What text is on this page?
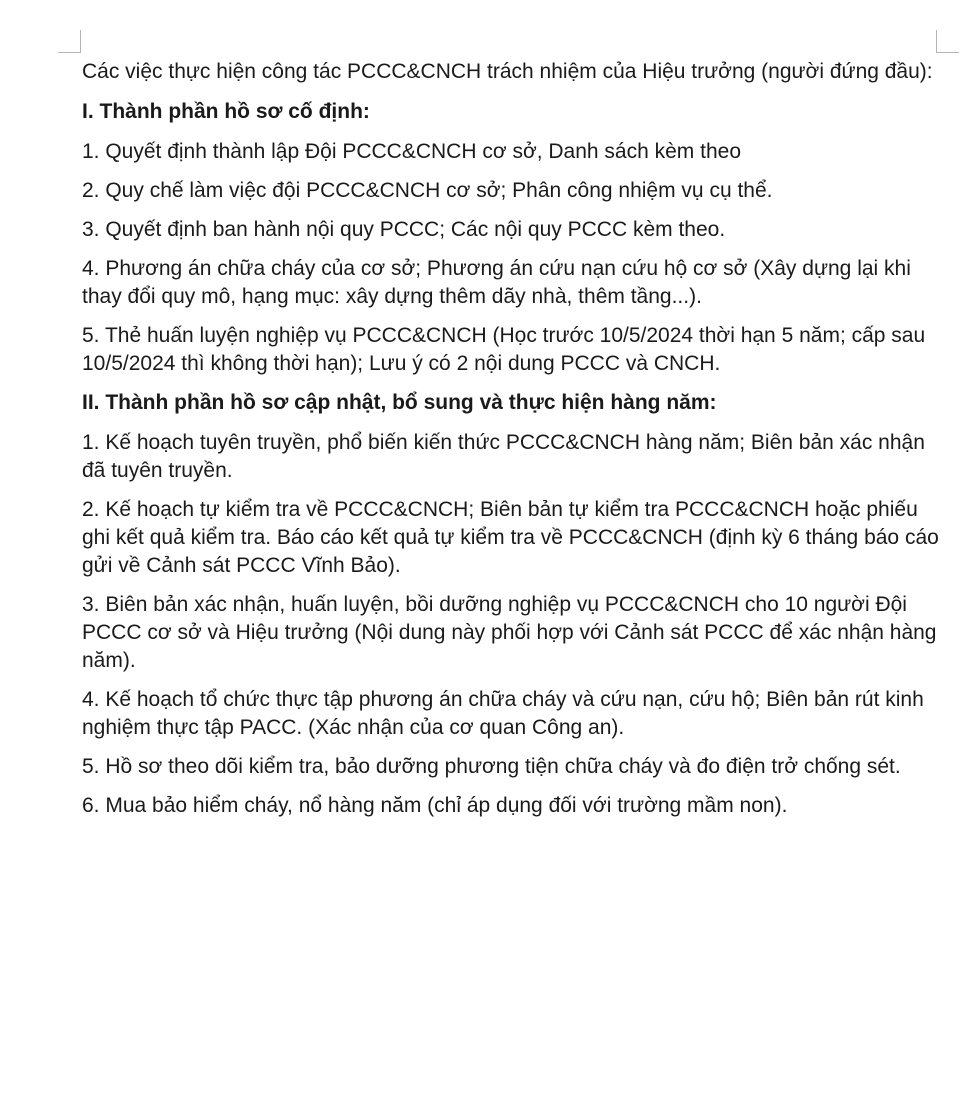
Các việc thực hiện công tác PCCC&CNCH trách nhiệm của Hiệu trưởng (người đứng đầu):

I. Thành phần hồ sơ cố định:

1. Quyết định thành lập Đội PCCC&CNCH cơ sở, Danh sách kèm theo

2. Quy chế làm việc đội PCCC&CNCH cơ sở; Phân công nhiệm vụ cụ thể.

3. Quyết định ban hành nội quy PCCC; Các nội quy PCCC kèm theo.

4. Phương án chữa cháy của cơ sở; Phương án cứu nạn cứu hộ cơ sở (Xây dựng lại khi thay đổi quy mô, hạng mục: xây dựng thêm dãy nhà, thêm tầng...).

5. Thẻ huấn luyện nghiệp vụ PCCC&CNCH (Học trước 10/5/2024 thời hạn 5 năm; cấp sau 10/5/2024 thì không thời hạn); Lưu ý có 2 nội dung PCCC và CNCH.

II. Thành phần hồ sơ cập nhật, bổ sung và thực hiện hàng năm:

1. Kế hoạch tuyên truyền, phổ biến kiến thức PCCC&CNCH hàng năm; Biên bản xác nhận đã tuyên truyền.

2. Kế hoạch tự kiểm tra về PCCC&CNCH; Biên bản tự kiểm tra PCCC&CNCH hoặc phiếu ghi kết quả kiểm tra. Báo cáo kết quả tự kiểm tra về PCCC&CNCH (định kỳ 6 tháng báo cáo gửi về Cảnh sát PCCC Vĩnh Bảo).

3. Biên bản xác nhận, huấn luyện, bồi dưỡng nghiệp vụ PCCC&CNCH cho 10 người Đội PCCC cơ sở và Hiệu trưởng (Nội dung này phối hợp với Cảnh sát PCCC để xác nhận hàng năm).

4. Kế hoạch tổ chức thực tập phương án chữa cháy và cứu nạn, cứu hộ; Biên bản rút kinh nghiệm thực tập PACC. (Xác nhận của cơ quan Công an).

5. Hồ sơ theo dõi kiểm tra, bảo dưỡng phương tiện chữa cháy và đo điện trở chống sét.

6. Mua bảo hiểm cháy, nổ hàng năm (chỉ áp dụng đối với trường mầm non).
